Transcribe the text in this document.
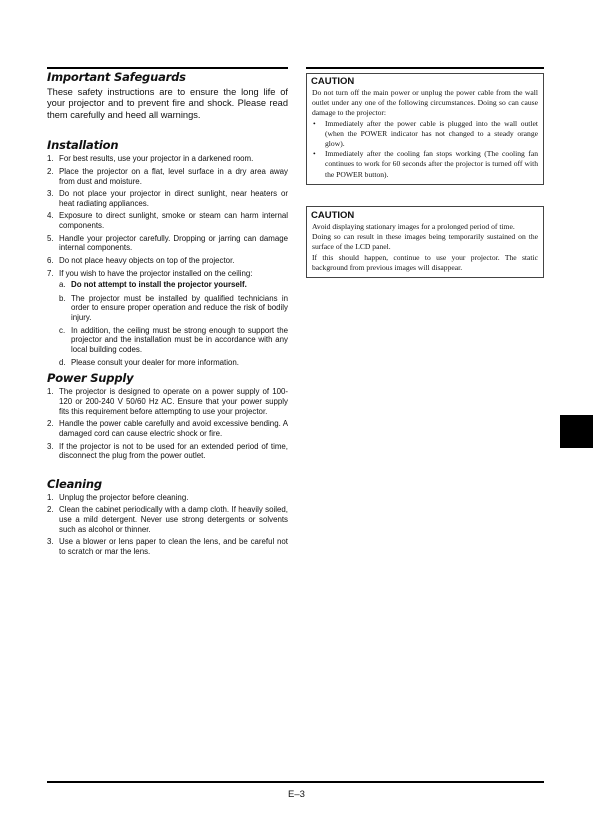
Important Safeguards

These safety instructions are to ensure the long life of your projector and to prevent fire and shock. Please read them carefully and heed all warnings.

Installation
1. For best results, use your projector in a darkened room.
2. Place the projector on a flat, level surface in a dry area away from dust and moisture.
3. Do not place your projector in direct sunlight, near heaters or heat radiating appliances.
4. Exposure to direct sunlight, smoke or steam can harm internal components.
5. Handle your projector carefully. Dropping or jarring can damage internal components.
6. Do not place heavy objects on top of the projector.
7. If you wish to have the projector installed on the ceiling:
a. Do not attempt to install the projector yourself.
b. The projector must be installed by qualified technicians in order to ensure proper operation and reduce the risk of bodily injury.
c. In addition, the ceiling must be strong enough to support the projector and the installation must be in accordance with any local building codes.
d. Please consult your dealer for more information.
Power Supply
1. The projector is designed to operate on a power supply of 100-120 or 200-240 V 50/60 Hz AC. Ensure that your power supply fits this requirement before attempting to use your projector.
2. Handle the power cable carefully and avoid excessive bending. A damaged cord can cause electric shock or fire.
3. If the projector is not to be used for an extended period of time, disconnect the plug from the power outlet.
Cleaning
1. Unplug the projector before cleaning.
2. Clean the cabinet periodically with a damp cloth. If heavily soiled, use a mild detergent. Never use strong detergents or solvents such as alcohol or thinner.
3. Use a blower or lens paper to clean the lens, and be careful not to scratch or mar the lens.
CAUTION

Do not turn off the main power or unplug the power cable from the wall outlet under any one of the following circumstances. Doing so can cause damage to the projector:

•	Immediately after the power cable is plugged into the wall outlet (when the POWER indicator has not changed to a steady orange glow).
•	Immediately after the cooling fan stops working (The cooling fan continues to work for 60 seconds after the projector is turned off with the POWER button).
CAUTION

Avoid displaying stationary images for a prolonged period of time.

Doing so can result in these images being temporarily sustained on the surface of the LCD panel.

If this should happen, continue to use your projector. The static background from previous images will disappear.

E–3
